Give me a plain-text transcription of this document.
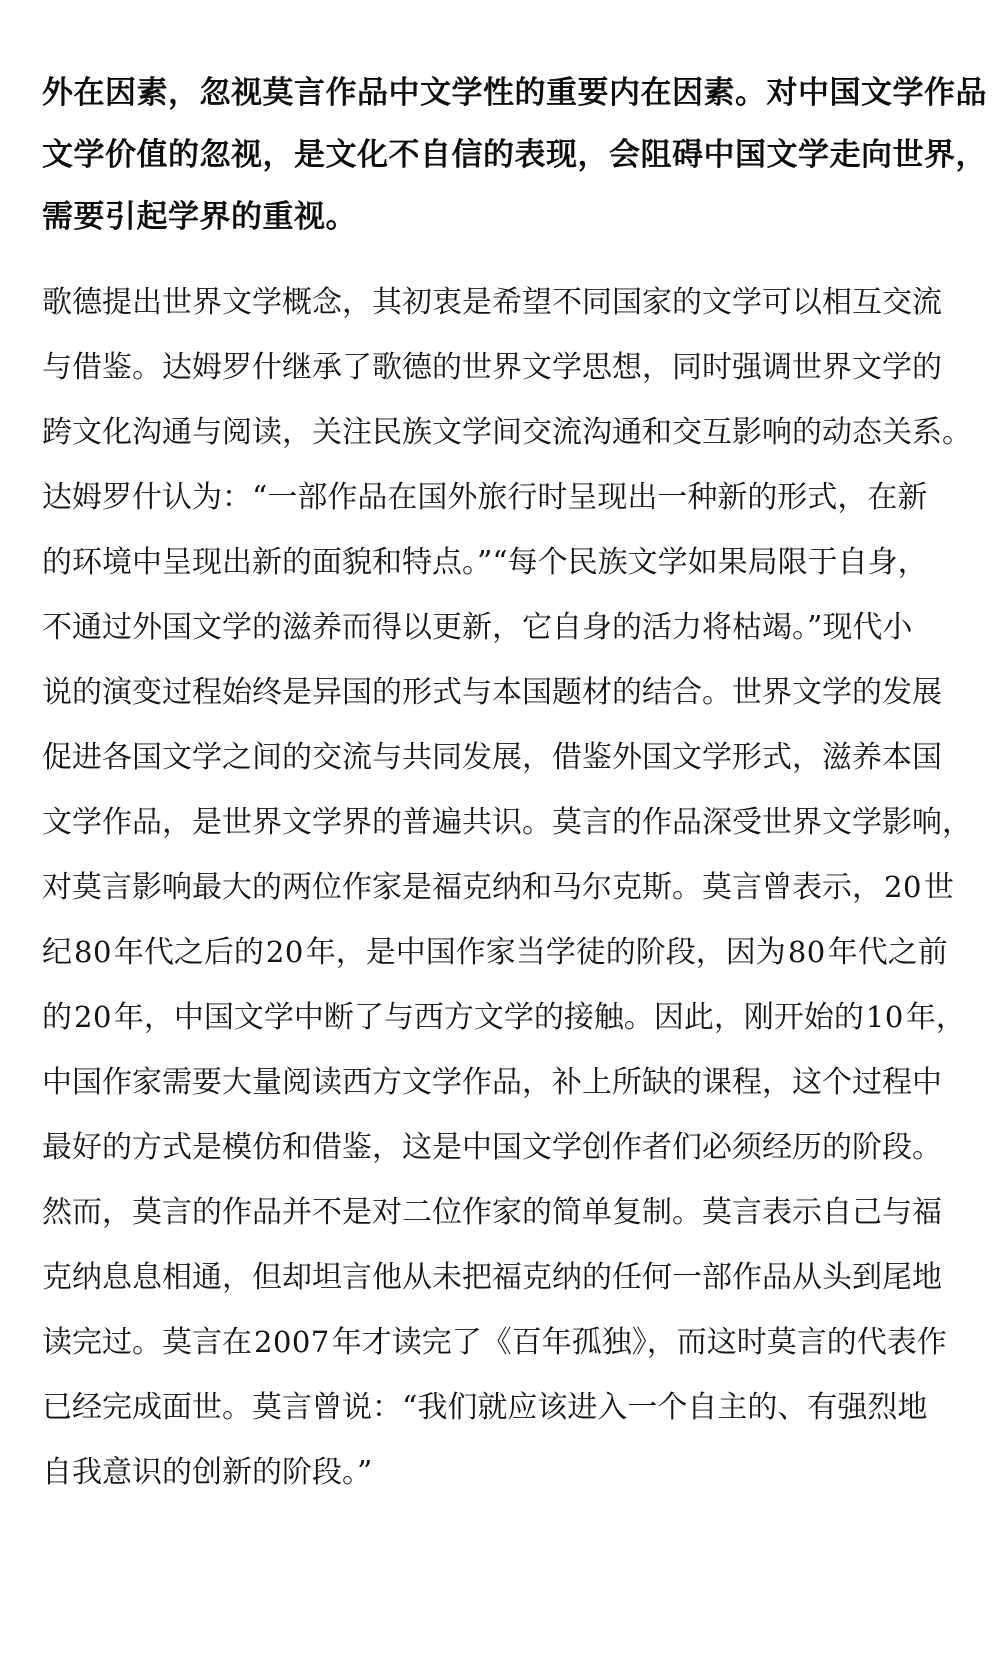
外在因素，忽视莫言作品中文学性的重要内在因素。对中国文学作品
文学价值的忽视，是文化不自信的表现，会阻碍中国文学走向世界，
需要引起学界的重视。
歌德提出世界文学概念，其初衷是希望不同国家的文学可以相互交流
与借鉴。达姆罗什继承了歌德的世界文学思想，同时强调世界文学的
跨文化沟通与阅读，关注民族文学间交流沟通和交互影响的动态关系。
达姆罗什认为：“一部作品在国外旅行时呈现出一种新的形式，在新
的环境中呈现出新的面貌和特点。”“每个民族文学如果局限于自身，
不通过外国文学的滋养而得以更新，它自身的活力将枯竭。”现代小
说的演变过程始终是异国的形式与本国题材的结合。世界文学的发展
促进各国文学之间的交流与共同发展，借鉴外国文学形式，滋养本国
文学作品，是世界文学界的普遍共识。莫言的作品深受世界文学影响，
对莫言影响最大的两位作家是福克纳和马尔克斯。莫言曾表示，20世
纪80年代之后的20年，是中国作家当学徒的阶段，因为80年代之前
的20年，中国文学中断了与西方文学的接触。因此，刚开始的10年，
中国作家需要大量阅读西方文学作品，补上所缺的课程，这个过程中
最好的方式是模仿和借鉴，这是中国文学创作者们必须经历的阶段。
然而，莫言的作品并不是对二位作家的简单复制。莫言表示自己与福
克纳息息相通，但却坦言他从未把福克纳的任何一部作品从头到尾地
读完过。莫言在2007年才读完了《百年孤独》，而这时莫言的代表作
已经完成面世。莫言曾说：“我们就应该进入一个自主的、有强烈地
自我意识的创新的阶段。”
